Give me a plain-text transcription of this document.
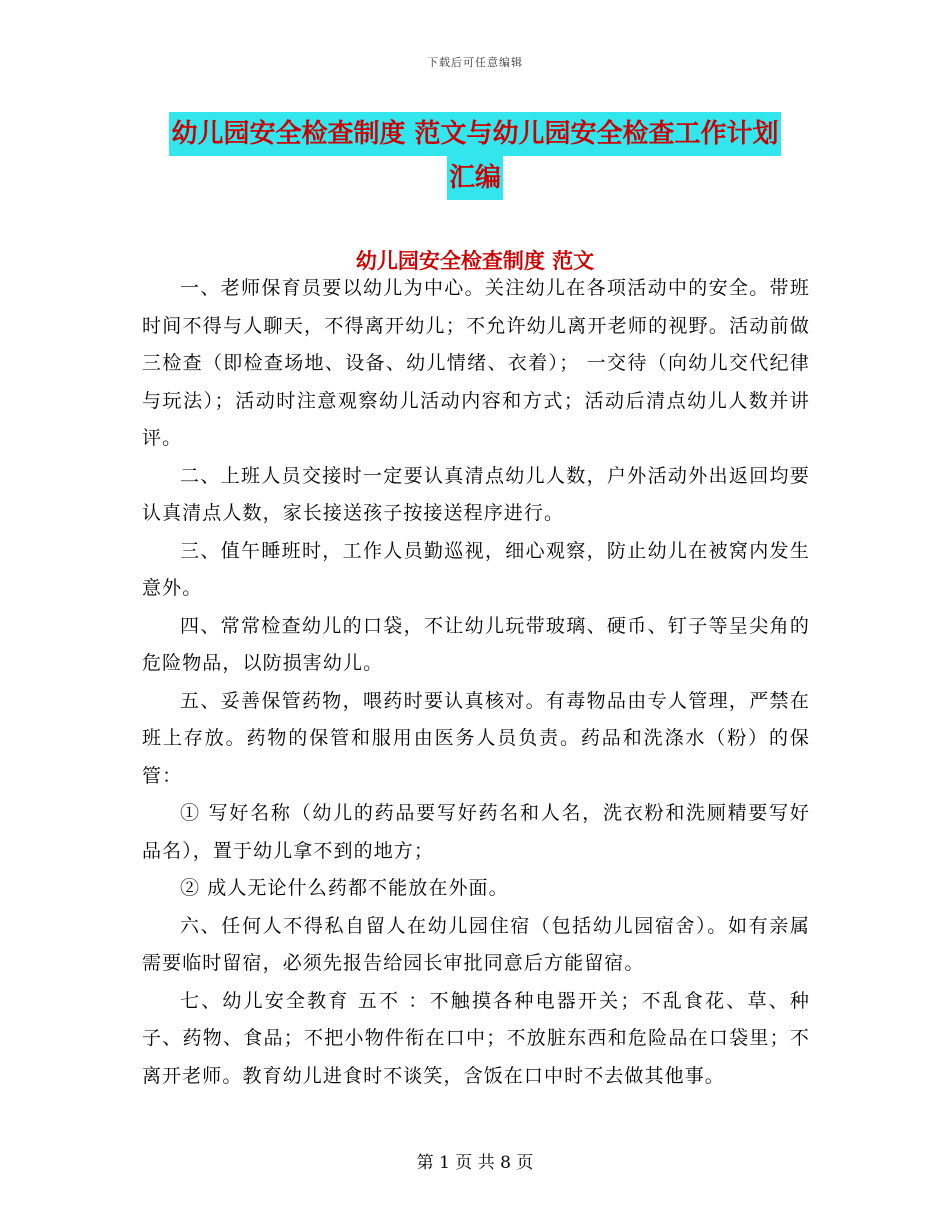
下载后可任意编辑
幼儿园安全检查制度 范文与幼儿园安全检查工作计划
汇编
幼儿园安全检查制度 范文

一、老师保育员要以幼儿为中心。关注幼儿在各项活动中的安全。带班时间不得与人聊天，不得离开幼儿；不允许幼儿离开老师的视野。活动前做 三检查（即检查场地、设备、幼儿情绪、衣着）； 一交待（向幼儿交代纪律与玩法）；活动时注意观察幼儿活动内容和方式；活动后清点幼儿人数并讲评。

二、上班人员交接时一定要认真清点幼儿人数，户外活动外出返回均要认真清点人数，家长接送孩子按接送程序进行。

三、值午睡班时，工作人员勤巡视，细心观察，防止幼儿在被窝内发生意外。

四、常常检查幼儿的口袋，不让幼儿玩带玻璃、硬币、钉子等呈尖角的危险物品，以防损害幼儿。

五、妥善保管药物，喂药时要认真核对。有毒物品由专人管理，严禁在班上存放。药物的保管和服用由医务人员负责。药品和洗涤水（粉）的保管：

① 写好名称（幼儿的药品要写好药名和人名，洗衣粉和洗厕精要写好品名），置于幼儿拿不到的地方；

② 成人无论什么药都不能放在外面。

六、任何人不得私自留人在幼儿园住宿（包括幼儿园宿舍）。如有亲属需要临时留宿，必须先报告给园长审批同意后方能留宿。

七、幼儿安全教育 五不 ：不触摸各种电器开关；不乱食花、草、种子、药物、食品；不把小物件衔在口中；不放脏东西和危险品在口袋里；不离开老师。教育幼儿进食时不谈笑，含饭在口中时不去做其他事。

第 1 页 共 8 页
